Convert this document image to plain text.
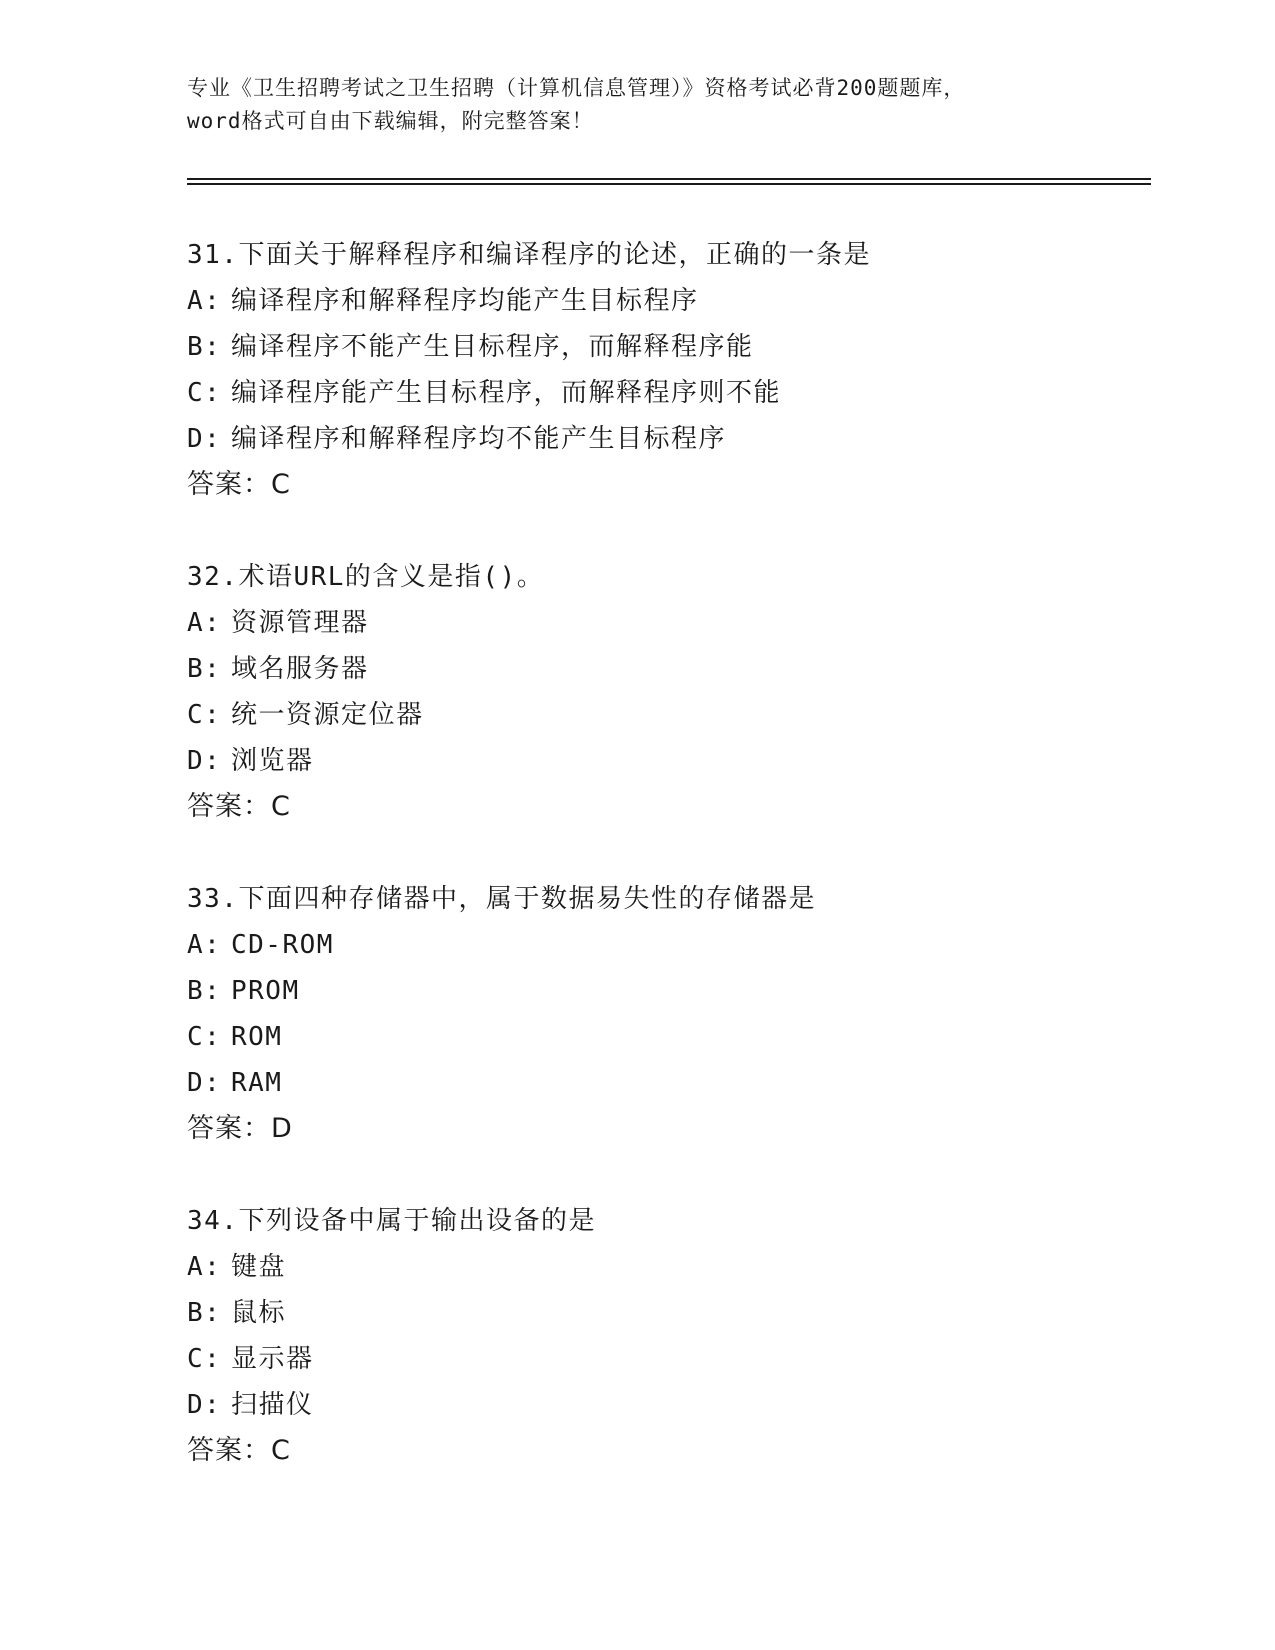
专业《卫生招聘考试之卫生招聘（计算机信息管理）》资格考试必背200题题库，
word格式可自由下载编辑，附完整答案！
31.下面关于解释程序和编译程序的论述，正确的一条是
A: 编译程序和解释程序均能产生目标程序
B: 编译程序不能产生目标程序，而解释程序能
C: 编译程序能产生目标程序，而解释程序则不能
D: 编译程序和解释程序均不能产生目标程序
答案：C
32.术语URL的含义是指()。
A: 资源管理器
B: 域名服务器
C: 统一资源定位器
D: 浏览器
答案：C
33.下面四种存储器中，属于数据易失性的存储器是
A: CD-ROM
B: PROM
C: ROM
D: RAM
答案：D
34.下列设备中属于输出设备的是
A: 键盘
B: 鼠标
C: 显示器
D: 扫描仪
答案：C
